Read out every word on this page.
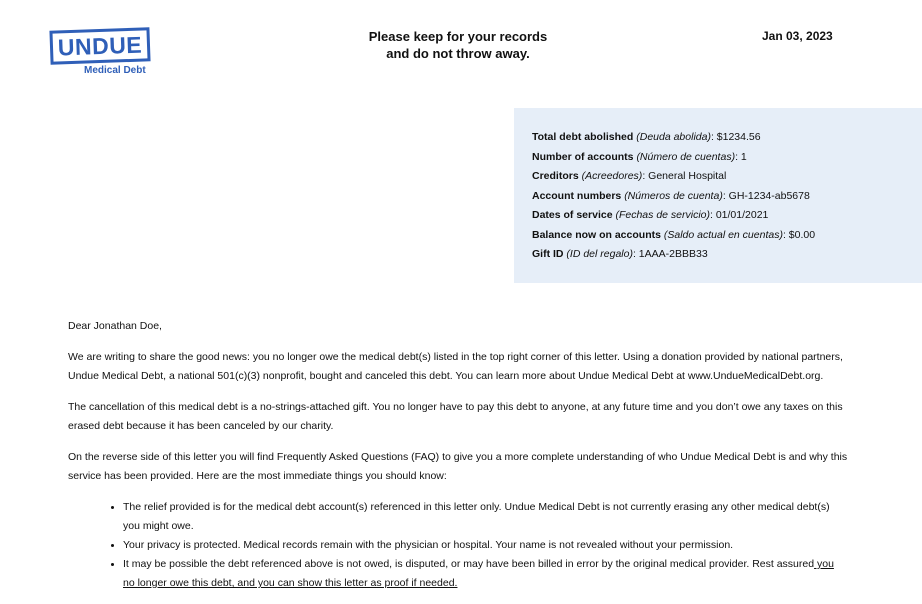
UNDUE
Medical Debt
Please keep for your records
and do not throw away.
Jan 03, 2023
Total debt abolished (Deuda abolida): $1234.56
Number of accounts (Número de cuentas): 1
Creditors (Acreedores): General Hospital
Account numbers (Números de cuenta): GH-1234-ab5678
Dates of service (Fechas de servicio): 01/01/2021
Balance now on accounts (Saldo actual en cuentas): $0.00
Gift ID (ID del regalo): 1AAA-2BBB33

Dear Jonathan Doe,

We are writing to share the good news: you no longer owe the medical debt(s) listed in the top right corner of this letter. Using a donation provided by national partners, Undue Medical Debt, a national 501(c)(3) nonprofit, bought and canceled this debt. You can learn more about Undue Medical Debt at www.UndueMedicalDebt.org.

The cancellation of this medical debt is a no-strings-attached gift. You no longer have to pay this debt to anyone, at any future time and you don’t owe any taxes on this erased debt because it has been canceled by our charity.

On the reverse side of this letter you will find Frequently Asked Questions (FAQ) to give you a more complete understanding of who Undue Medical Debt is and why this service has been provided. Here are the most immediate things you should know:

• The relief provided is for the medical debt account(s) referenced in this letter only. Undue Medical Debt is not currently erasing any other medical debt(s) you might owe.
• Your privacy is protected. Medical records remain with the physician or hospital. Your name is not revealed without your permission.
• It may be possible the debt referenced above is not owed, is disputed, or may have been billed in error by the original medical provider. Rest assured you no longer owe this debt, and you can show this letter as proof if needed.
